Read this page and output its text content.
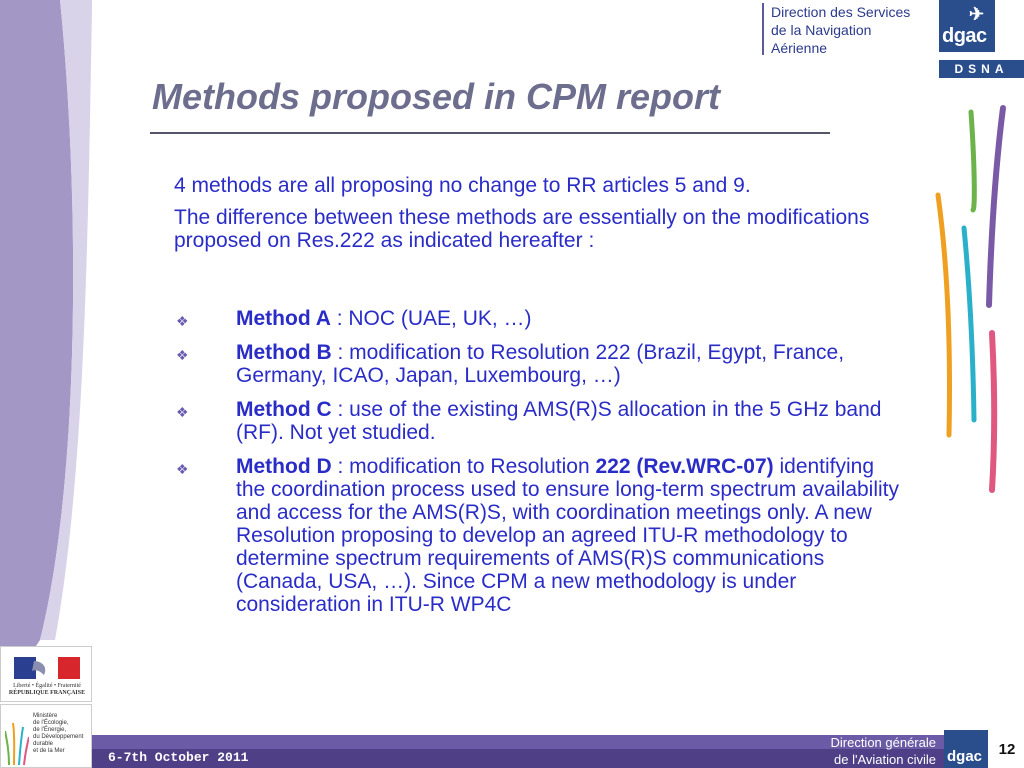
Direction des Services
de la Navigation
Aérienne
✈
dgac
DSNA
Methods proposed in CPM report

4 methods are all proposing no change to RR articles 5 and 9.

The difference between these methods are essentially on the modifications proposed on Res.222 as indicated hereafter :

❖ Method A : NOC (UAE, UK, …)
❖ Method B : modification to Resolution 222 (Brazil, Egypt, France, Germany, ICAO, Japan, Luxembourg, …)
❖ Method C : use of the existing AMS(R)S allocation in the 5 GHz band (RF). Not yet studied.
❖ Method D : modification to Resolution 222 (Rev.WRC-07) identifying the coordination process used to ensure long-term spectrum availability and access for the AMS(R)S, with coordination meetings only. A new Resolution proposing to develop an agreed ITU-R methodology to determine spectrum requirements of AMS(R)S communications (Canada, USA, …). Since CPM a new methodology is under consideration in ITU-R WP4C
Liberté • Égalité • Fraternité
RÉPUBLIQUE FRANÇAISE
Ministère
de l'Écologie,
de l'Énergie,
du Développement
durable
et de la Mer	6-7th October 2011
Direction générale
de l'Aviation civile dgac	12
